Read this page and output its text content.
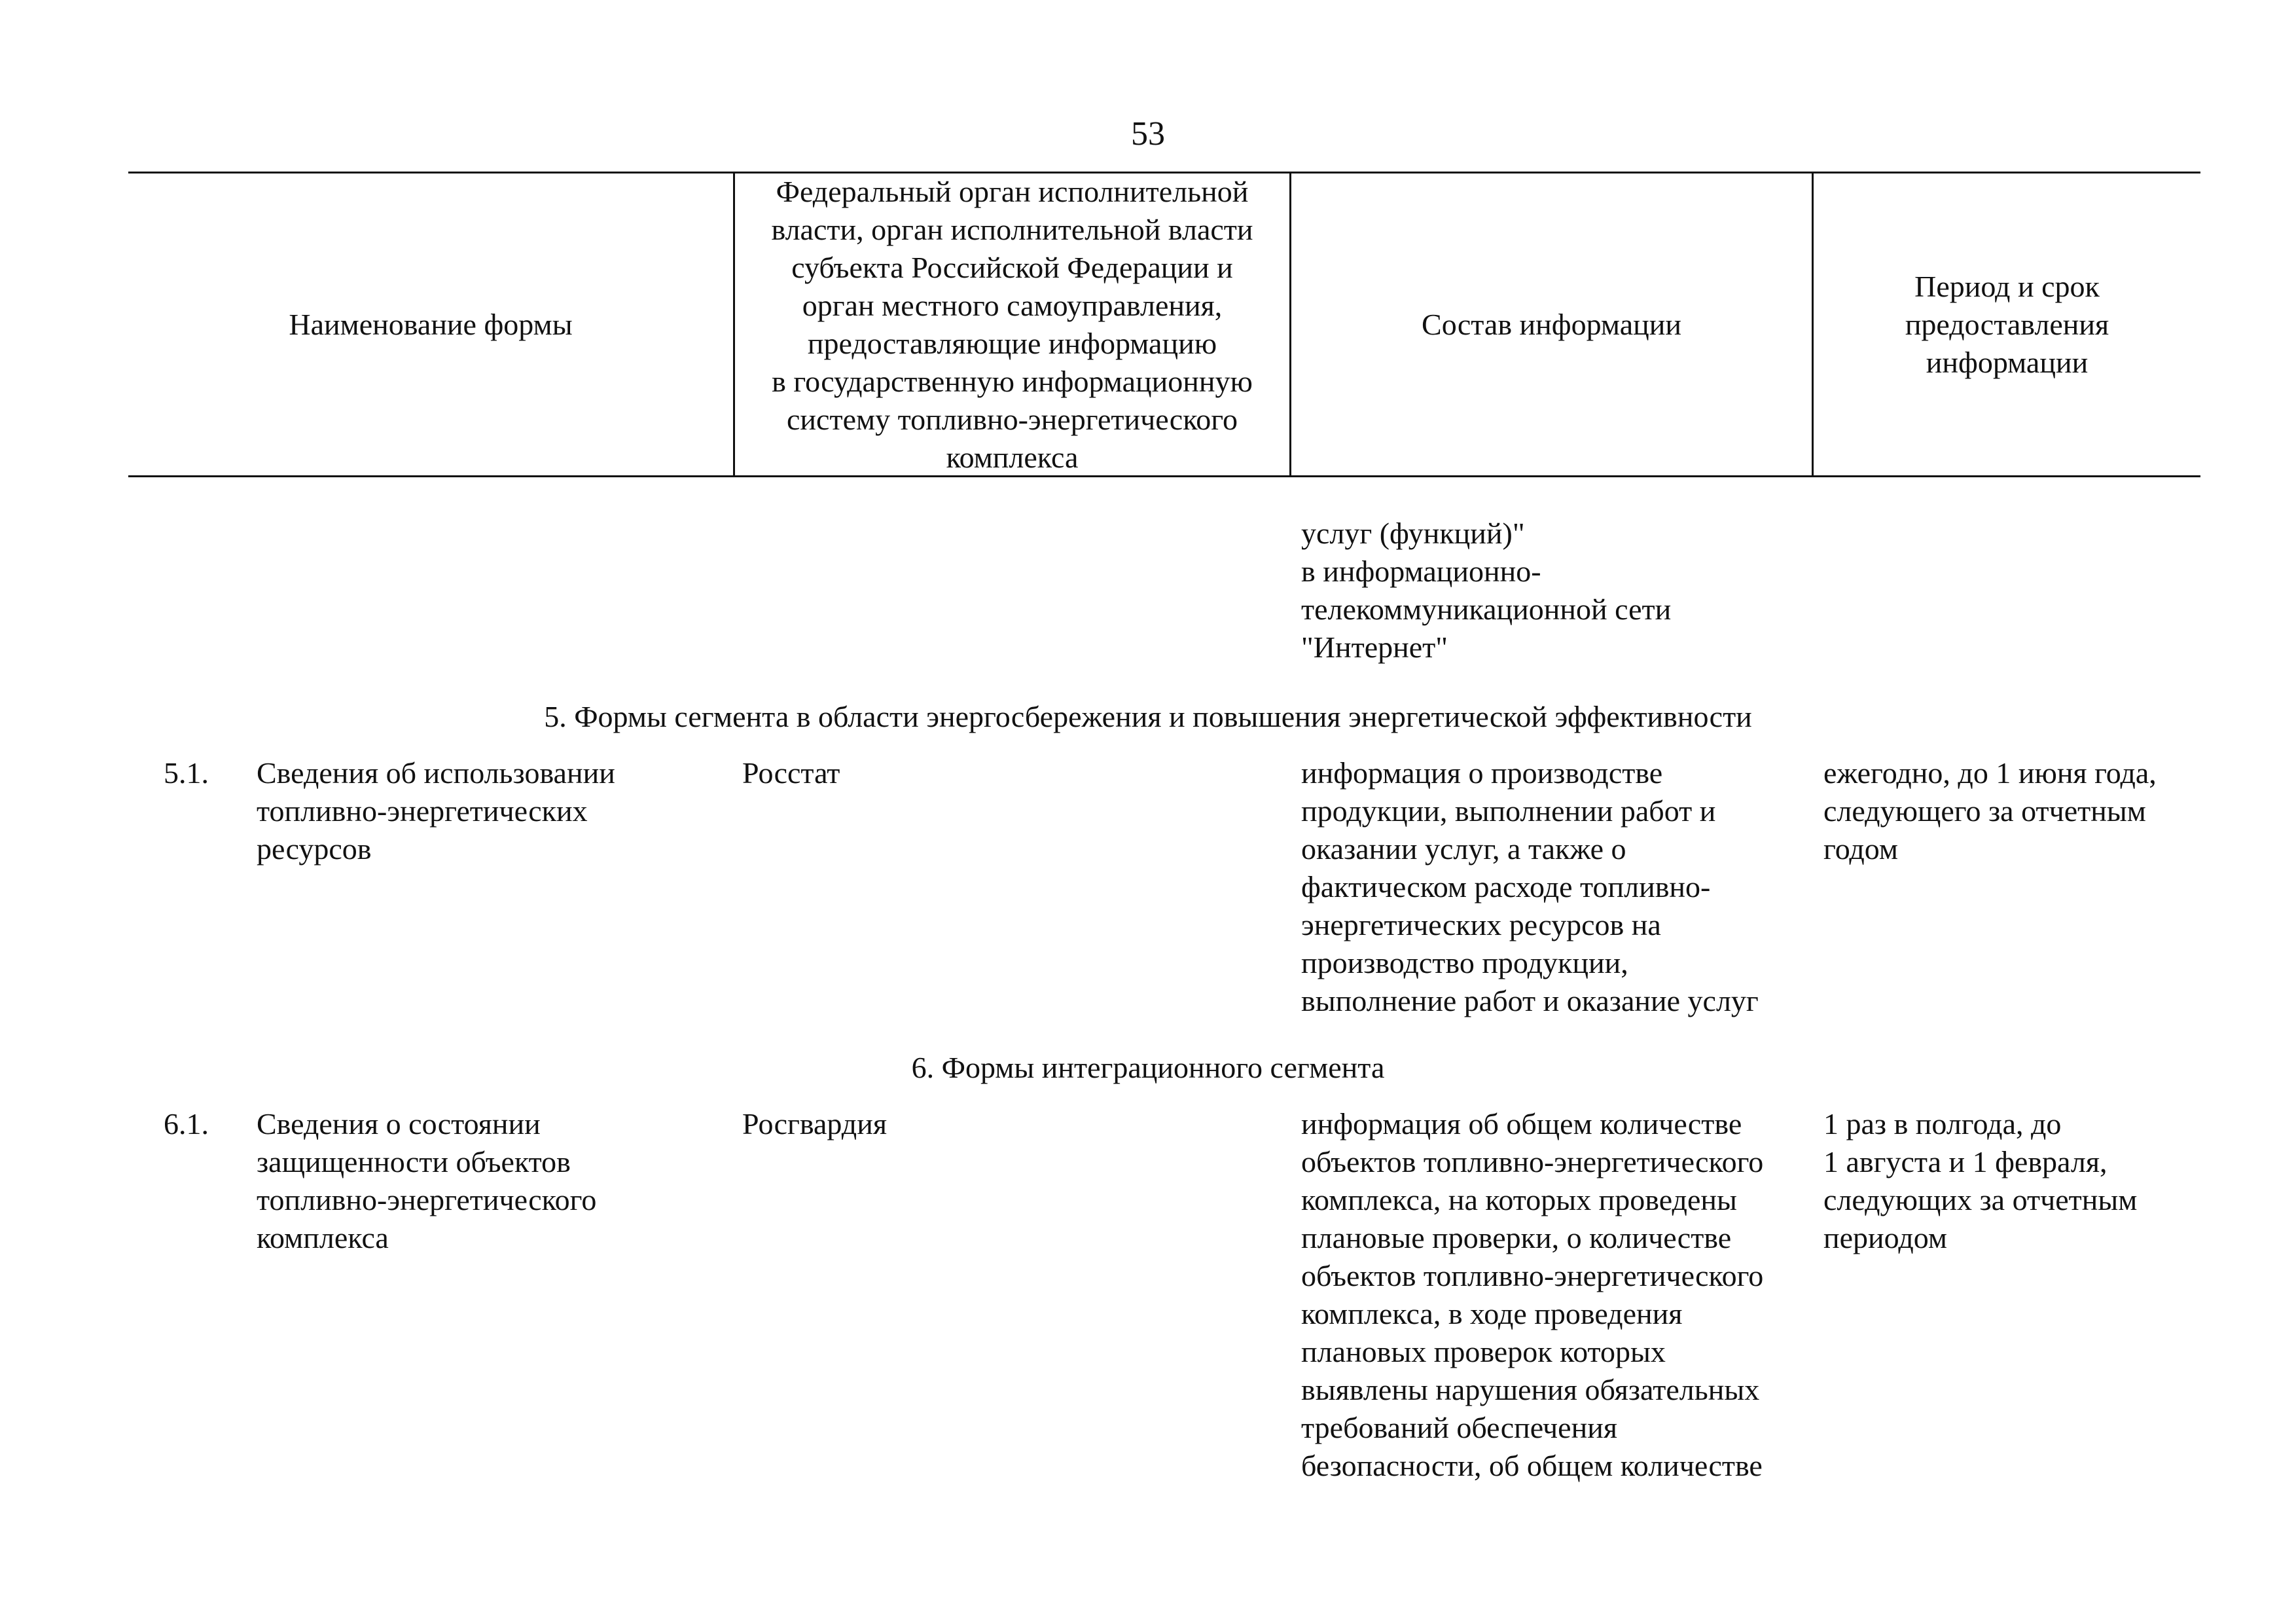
53
Наименование формы
Федеральный орган исполнительной
власти, орган исполнительной власти
субъекта Российской Федерации и
орган местного самоуправления,
предоставляющие информацию
в государственную информационную
систему топливно-энергетического
комплекса
Состав информации
Период и срок
предоставления
информации
услуг (функций)"
в информационно-
телекоммуникационной сети
"Интернет"
5. Формы сегмента в области энергосбережения и повышения энергетической эффективности
5.1. Сведения об использовании
топливно-энергетических
ресурсов
Росстат	информация о производстве
продукции, выполнении работ и
оказании услуг, а также о
фактическом расходе топливно-
энергетических ресурсов на
производство продукции,
выполнение работ и оказание услуг
ежегодно, до 1 июня года,
следующего за отчетным
годом
6. Формы интеграционного сегмента
6.1. Сведения о состоянии
защищенности объектов
топливно-энергетического
комплекса
Росгвардия	информация об общем количестве
объектов топливно-энергетического
комплекса, на которых проведены
плановые проверки, о количестве
объектов топливно-энергетического
комплекса, в ходе проведения
плановых проверок которых
выявлены нарушения обязательных
требований обеспечения
безопасности, об общем количестве
1 раз в полгода, до
1 августа и 1 февраля,
следующих за отчетным
периодом
